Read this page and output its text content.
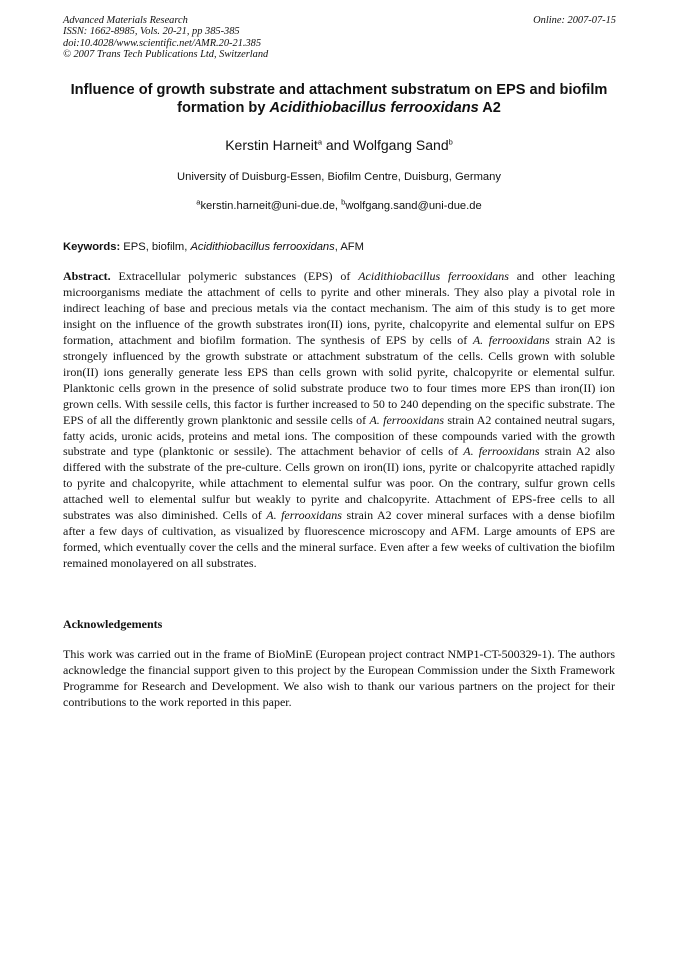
Advanced Materials Research
ISSN: 1662-8985, Vols. 20-21, pp 385-385
doi:10.4028/www.scientific.net/AMR.20-21.385
© 2007 Trans Tech Publications Ltd, Switzerland
Online: 2007-07-15
Influence of growth substrate and attachment substratum on EPS and biofilm formation by Acidithiobacillus ferrooxidans A2
Kerstin Harneit$^a$ and Wolfgang Sand$^b$
University of Duisburg-Essen, Biofilm Centre, Duisburg, Germany
$^a$kerstin.harneit@uni-due.de, $^b$wolfgang.sand@uni-due.de
Keywords: EPS, biofilm, Acidithiobacillus ferrooxidans, AFM
Abstract. Extracellular polymeric substances (EPS) of Acidithiobacillus ferrooxidans and other leaching microorganisms mediate the attachment of cells to pyrite and other minerals. They also play a pivotal role in indirect leaching of base and precious metals via the contact mechanism. The aim of this study is to get more insight on the influence of the growth substrates iron(II) ions, pyrite, chalcopyrite and elemental sulfur on EPS formation, attachment and biofilm formation. The synthesis of EPS by cells of A. ferrooxidans strain A2 is strongely influenced by the growth substrate or attachment substratum of the cells. Cells grown with soluble iron(II) ions generally generate less EPS than cells grown with solid pyrite, chalcopyrite or elemental sulfur. Planktonic cells grown in the presence of solid substrate produce two to four times more EPS than iron(II) ion grown cells. With sessile cells, this factor is further increased to 50 to 240 depending on the specific substrate. The EPS of all the differently grown planktonic and sessile cells of A. ferrooxidans strain A2 contained neutral sugars, fatty acids, uronic acids, proteins and metal ions. The composition of these compounds varied with the growth substrate and type (planktonic or sessile). The attachment behavior of cells of A. ferrooxidans strain A2 also differed with the substrate of the pre-culture. Cells grown on iron(II) ions, pyrite or chalcopyrite attached rapidly to pyrite and chalcopyrite, while attachment to elemental sulfur was poor. On the contrary, sulfur grown cells attached well to elemental sulfur but weakly to pyrite and chalcopyrite. Attachment of EPS-free cells to all substrates was also diminished. Cells of A. ferrooxidans strain A2 cover mineral surfaces with a dense biofilm after a few days of cultivation, as visualized by fluorescence microscopy and AFM. Large amounts of EPS are formed, which eventually cover the cells and the mineral surface. Even after a few weeks of cultivation the biofilm remained monolayered on all substrates.
Acknowledgements
This work was carried out in the frame of BioMinE (European project contract NMP1-CT-500329-1). The authors acknowledge the financial support given to this project by the European Commission under the Sixth Framework Programme for Research and Development. We also wish to thank our various partners on the project for their contributions to the work reported in this paper.
